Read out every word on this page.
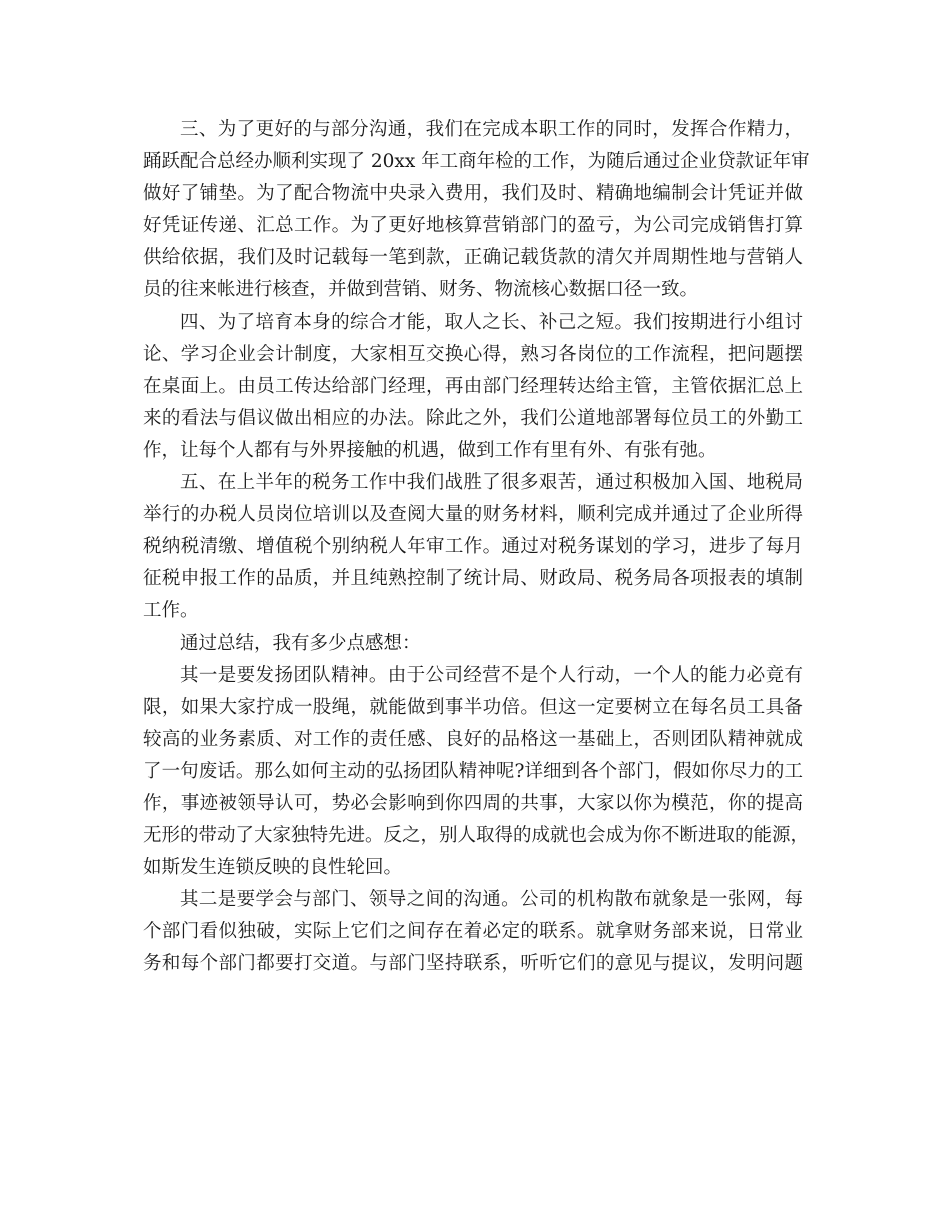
三、为了更好的与部分沟通，我们在完成本职工作的同时，发挥合作精力，
踊跃配合总经办顺利实现了 20xx 年工商年检的工作，为随后通过企业贷款证年审
做好了铺垫。为了配合物流中央录入费用，我们及时、精确地编制会计凭证并做
好凭证传递、汇总工作。为了更好地核算营销部门的盈亏，为公司完成销售打算
供给依据，我们及时记载每一笔到款，正确记载货款的清欠并周期性地与营销人
员的往来帐进行核查，并做到营销、财务、物流核心数据口径一致。
四、为了培育本身的综合才能，取人之长、补己之短。我们按期进行小组讨
论、学习企业会计制度，大家相互交换心得，熟习各岗位的工作流程，把问题摆
在桌面上。由员工传达给部门经理，再由部门经理转达给主管，主管依据汇总上
来的看法与倡议做出相应的办法。除此之外，我们公道地部署每位员工的外勤工
作，让每个人都有与外界接触的机遇，做到工作有里有外、有张有弛。
五、在上半年的税务工作中我们战胜了很多艰苦，通过积极加入国、地税局
举行的办税人员岗位培训以及查阅大量的财务材料，顺利完成并通过了企业所得
税纳税清缴、增值税个别纳税人年审工作。通过对税务谋划的学习，进步了每月
征税申报工作的品质，并且纯熟控制了统计局、财政局、税务局各项报表的填制
工作。
通过总结，我有多少点感想：
其一是要发扬团队精神。由于公司经营不是个人行动，一个人的能力必竟有
限，如果大家拧成一股绳，就能做到事半功倍。但这一定要树立在每名员工具备
较高的业务素质、对工作的责任感、良好的品格这一基础上，否则团队精神就成
了一句废话。那么如何主动的弘扬团队精神呢?详细到各个部门，假如你尽力的工
作，事迹被领导认可，势必会影响到你四周的共事，大家以你为模范，你的提高
无形的带动了大家独特先进。反之，别人取得的成就也会成为你不断进取的能源，
如斯发生连锁反映的良性轮回。
其二是要学会与部门、领导之间的沟通。公司的机构散布就象是一张网，每
个部门看似独破，实际上它们之间存在着必定的联系。就拿财务部来说，日常业
务和每个部门都要打交道。与部门坚持联系，听听它们的意见与提议，发明问题
